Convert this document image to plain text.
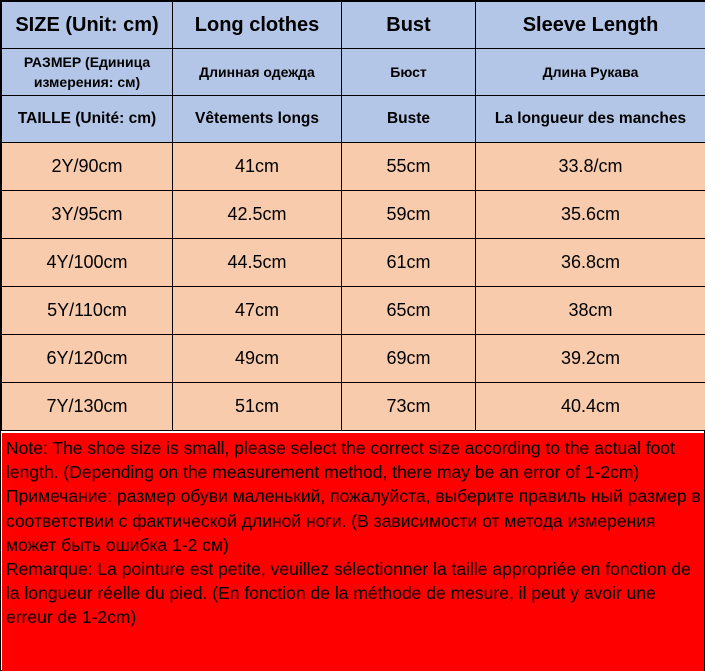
SIZE (Unit: cm)	Long clothes	Bust	Sleeve Length
РАЗМЕР (Единица измерения: см)	Длинная одежда	Бюст	Длина Рукава
TAILLE (Unité: cm)	Vêtements longs	Buste	La longueur des manches
2Y/90cm	41cm	55cm	33.8/cm
3Y/95cm	42.5cm	59cm	35.6cm
4Y/100cm	44.5cm	61cm	36.8cm
5Y/110cm	47cm	65cm	38cm
6Y/120cm	49cm	69cm	39.2cm
7Y/130cm	51cm	73cm	40.4cm

Note: The shoe size is small, please select the correct size according to the actual foot length. (Depending on the measurement method, there may be an error of 1-2cm)

Примечание: размер обуви маленький, пожалуйста, выберите правиль ный размер в соответствии с фактической длиной ноги. (В зависимости от метода измерения может быть ошибка 1-2 см)

Remarque: La pointure est petite, veuillez sélectionner la taille appropriée en fonction de la longueur réelle du pied. (En fonction de la méthode de mesure, il peut y avoir une erreur de 1-2cm)
